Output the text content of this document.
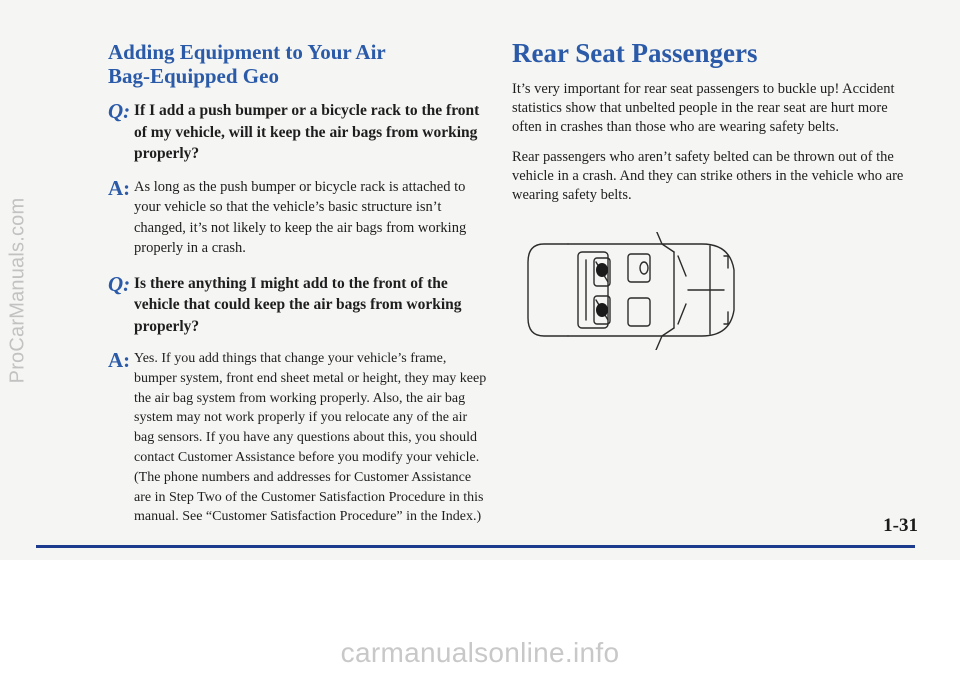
ProCarManuals.com
Adding Equipment to Your Air
Bag-Equipped Geo
Q: If I add a push bumper or a bicycle rack to the front of my vehicle, will it keep the air bags from working properly?
A: As long as the push bumper or bicycle rack is attached to your vehicle so that the vehicle’s basic structure isn’t changed, it’s not likely to keep the air bags from working properly in a crash.
Q: Is there anything I might add to the front of the vehicle that could keep the air bags from working properly?
A: Yes. If you add things that change your vehicle’s frame, bumper system, front end sheet metal or height, they may keep the air bag system from working properly. Also, the air bag system may not work properly if you relocate any of the air bag sensors. If you have any questions about this, you should contact Customer Assistance before you modify your vehicle. (The phone numbers and addresses for Customer Assistance are in Step Two of the Customer Satisfaction Procedure in this manual. See “Customer Satisfaction Procedure” in the Index.)
Rear Seat Passengers

It’s very important for rear seat passengers to buckle up! Accident statistics show that unbelted people in the rear seat are hurt more often in crashes than those who are wearing safety belts.

Rear passengers who aren’t safety belted can be thrown out of the vehicle in a crash. And they can strike others in the vehicle who are wearing safety belts.

1-31
carmanualsonline.info
